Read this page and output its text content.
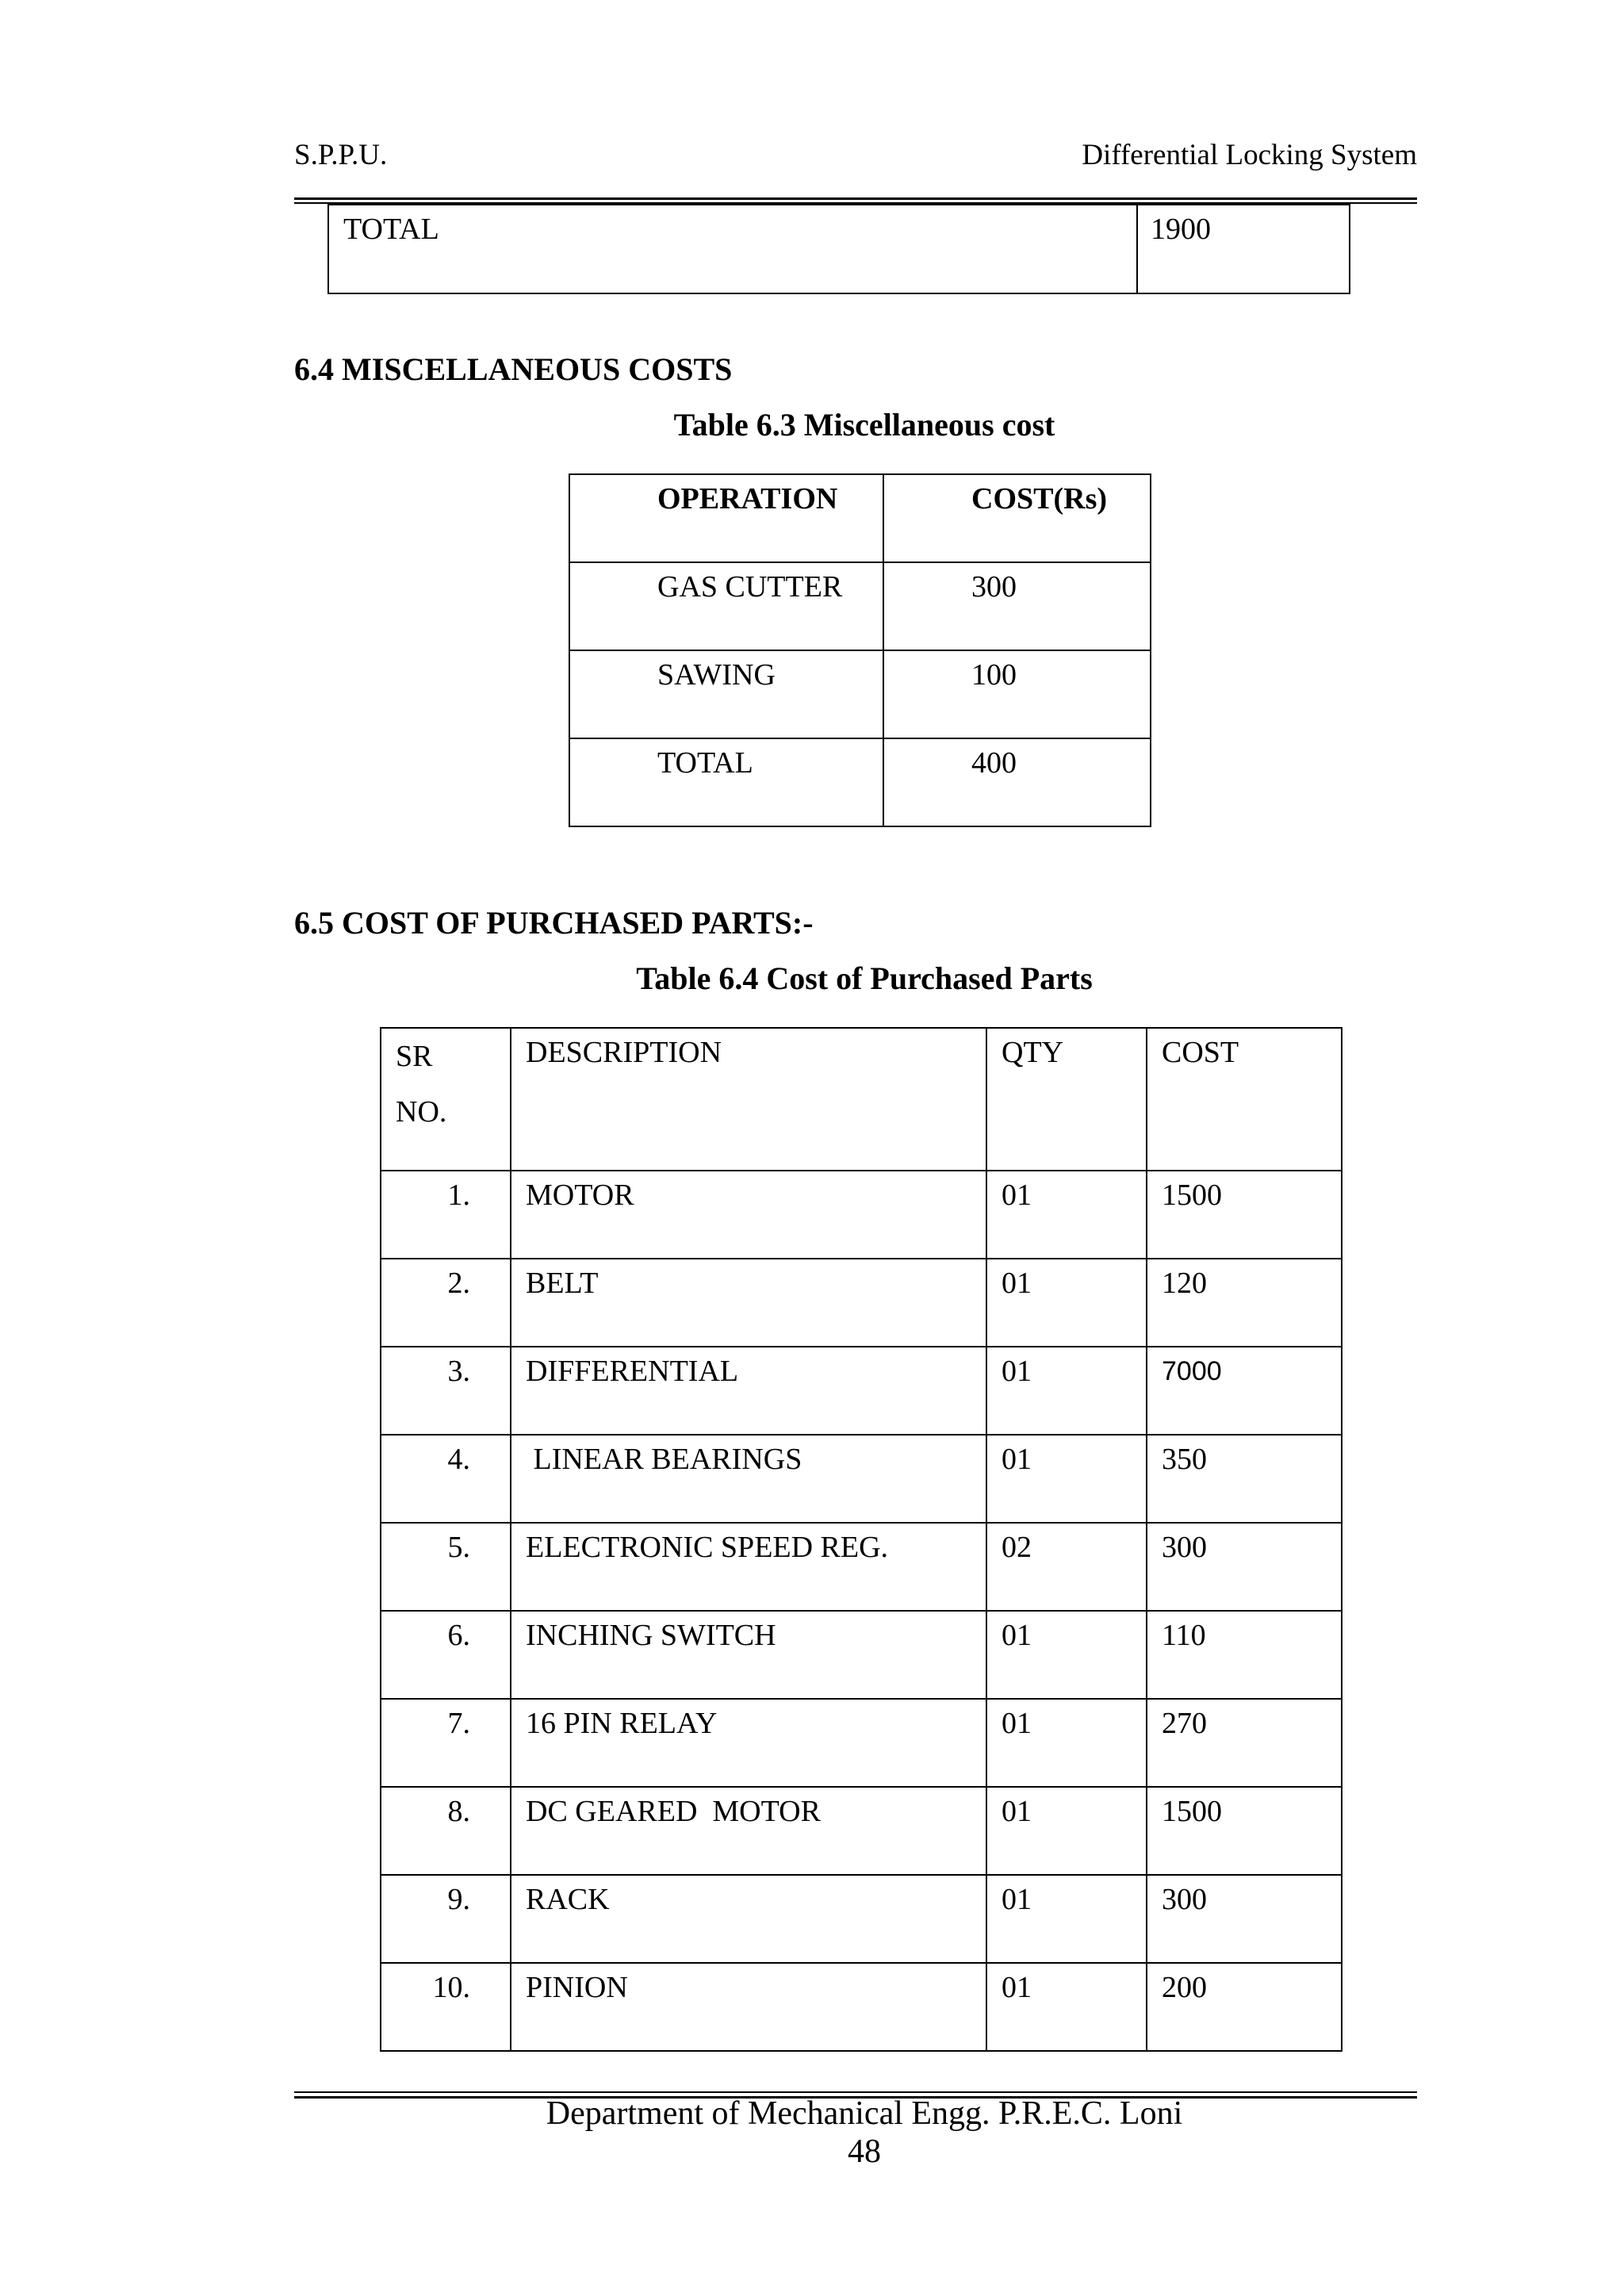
S.P.P.U.	Differential Locking System
TOTAL	1900
6.4 MISCELLANEOUS COSTS
Table 6.3 Miscellaneous cost
OPERATION	COST(Rs)
GAS CUTTER	300
SAWING	100
TOTAL	400
6.5 COST OF PURCHASED PARTS:-
Table 6.4 Cost of Purchased Parts
SR
NO.	DESCRIPTION	QTY	COST
1.	MOTOR	01	1500
2.	BELT	01	120
3.	DIFFERENTIAL	01	7000
4.	LINEAR BEARINGS	01	350
5.	ELECTRONIC SPEED REG.	02	300
6.	INCHING SWITCH	01	110
7.	16 PIN RELAY	01	270
8.	DC GEARED  MOTOR	01	1500
9.	RACK	01	300
10.	PINION	01	200
Department of Mechanical Engg. P.R.E.C. Loni
48
